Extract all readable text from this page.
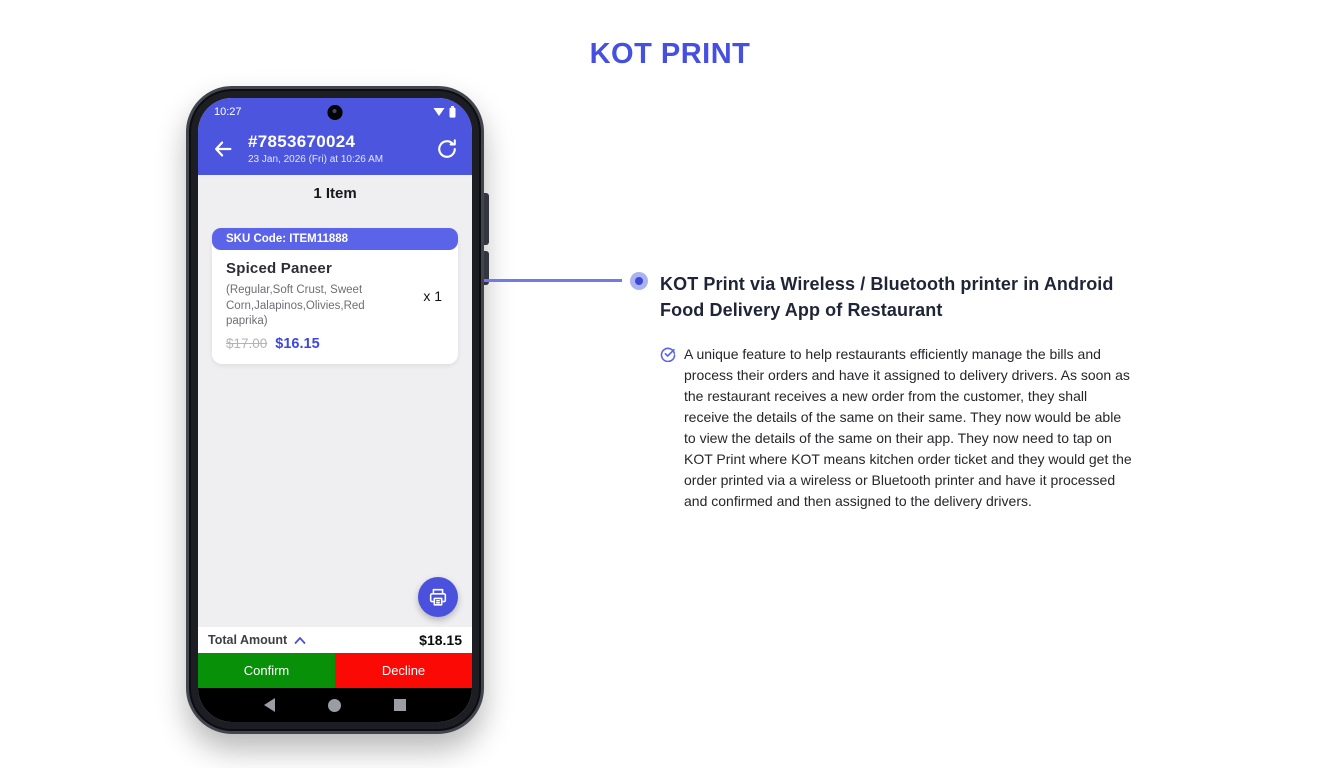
KOT PRINT
10:27
#7853670024
23 Jan, 2026 (Fri) at 10:26 AM
1 Item
SKU Code: ITEM11888
Spiced Paneer
(Regular,Soft Crust, Sweet Corn,Jalapinos,Olivies,Red paprika)
x 1
$17.00 $16.15
Total Amount	$18.15
Confirm	Decline
KOT Print via Wireless / Bluetooth printer in Android Food Delivery App of Restaurant
A unique feature to help restaurants efficiently manage the bills and process their orders and have it assigned to delivery drivers. As soon as the restaurant receives a new order from the customer, they shall receive the details of the same on their same. They now would be able to view the details of the same on their app. They now need to tap on KOT Print where KOT means kitchen order ticket and they would get the order printed via a wireless or Bluetooth printer and have it processed and confirmed and then assigned to the delivery drivers.
